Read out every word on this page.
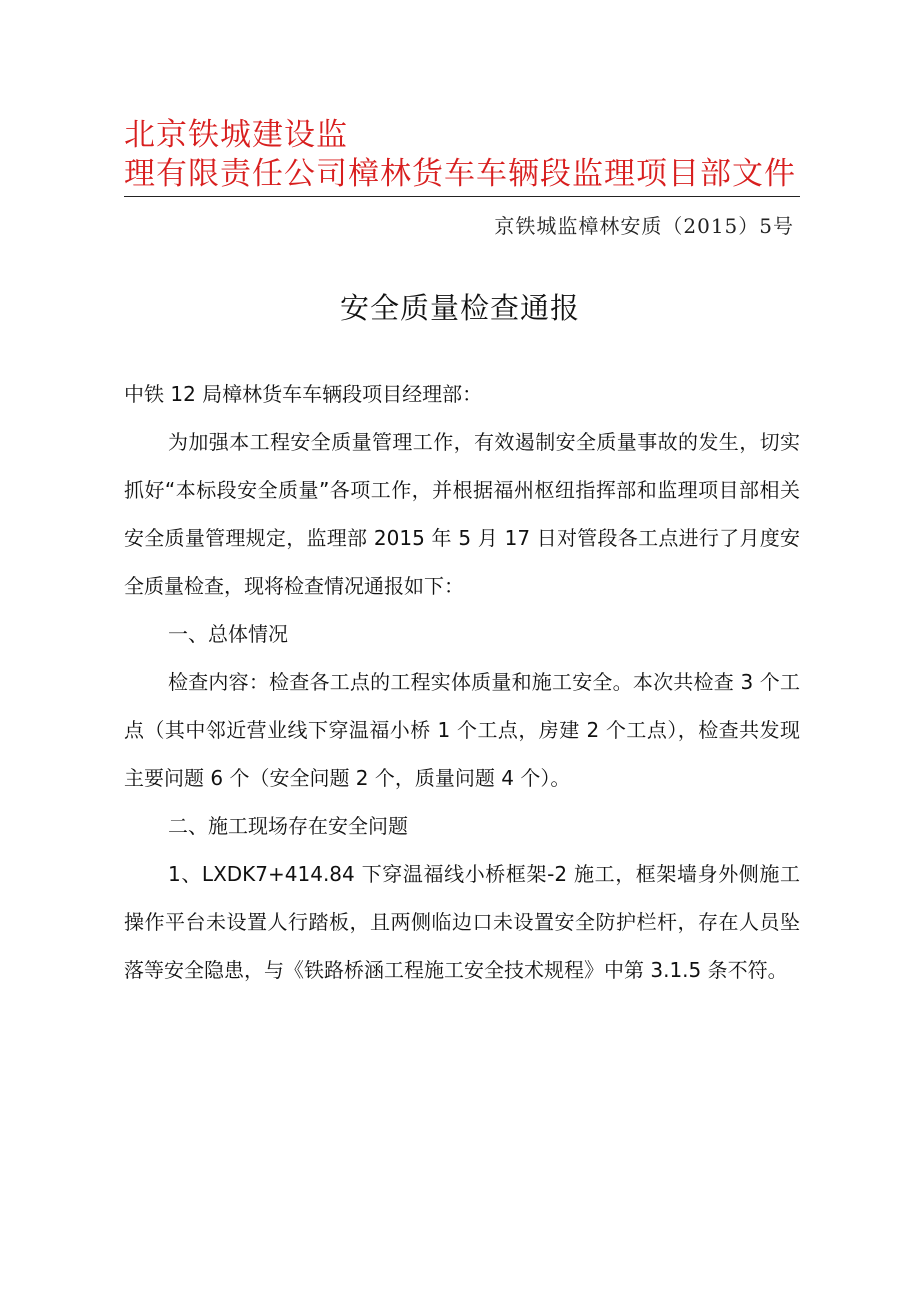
北京铁城建设监
理有限责任公司樟林货车车辆段监理项目部文件
京铁城监樟林安质（2015）5号
安全质量检查通报

中铁 12 局樟林货车车辆段项目经理部：

为加强本工程安全质量管理工作，有效遏制安全质量事故的发生，切实抓好“本标段安全质量”各项工作，并根据福州枢纽指挥部和监理项目部相关安全质量管理规定，监理部 2015 年 5 月 17 日对管段各工点进行了月度安全质量检查，现将检查情况通报如下：

一、总体情况

检查内容：检查各工点的工程实体质量和施工安全。本次共检查 3 个工点（其中邻近营业线下穿温福小桥 1 个工点，房建 2 个工点），检查共发现主要问题 6 个（安全问题 2 个，质量问题 4 个）。

二、施工现场存在安全问题

1、LXDK7+414.84 下穿温福线小桥框架-2 施工，框架墙身外侧施工操作平台未设置人行踏板，且两侧临边口未设置安全防护栏杆，存在人员坠落等安全隐患，与《铁路桥涵工程施工安全技术规程》中第 3.1.5 条不符。
